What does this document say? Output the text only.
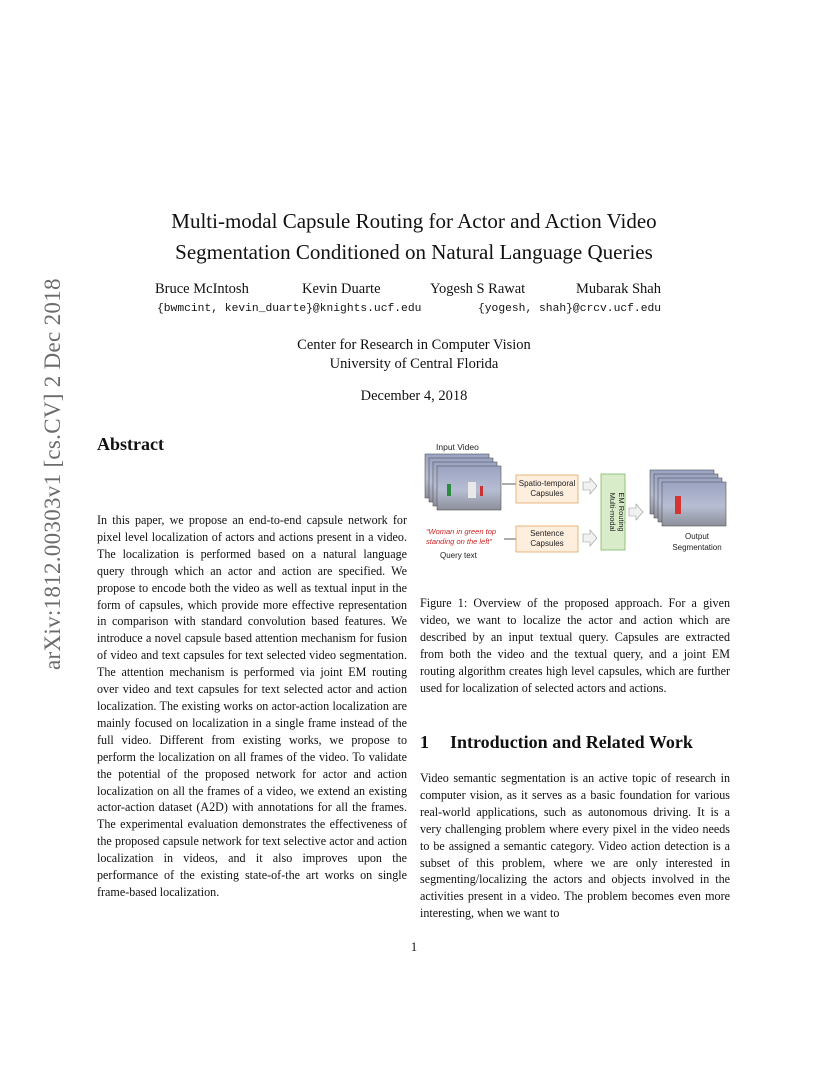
arXiv:1812.00303v1 [cs.CV] 2 Dec 2018
Multi-modal Capsule Routing for Actor and Action Video
Segmentation Conditioned on Natural Language Queries
Bruce McIntosh	Kevin Duarte	Yogesh S Rawat	Mubarak Shah
{bwmcint, kevin_duarte}@knights.ucf.edu	{yogesh, shah}@crcv.ucf.edu
Center for Research in Computer Vision
University of Central Florida
December 4, 2018
Abstract

In this paper, we propose an end-to-end capsule network for pixel level localization of actors and actions present in a video. The localization is performed based on a natural language query through which an actor and action are specified. We propose to encode both the video as well as textual input in the form of capsules, which provide more effective representation in comparison with standard convolution based features. We introduce a novel capsule based attention mechanism for fusion of video and text capsules for text selected video segmentation. The attention mechanism is performed via joint EM routing over video and text capsules for text selected actor and action localization. The existing works on actor-action localization are mainly focused on localization in a single frame instead of the full video. Different from existing works, we propose to perform the localization on all frames of the video. To validate the potential of the proposed network for actor and action localization on all the frames of a video, we extend an existing actor-action dataset (A2D) with annotations for all the frames. The experimental evaluation demonstrates the effectiveness of the proposed capsule network for text selective actor and action localization in videos, and it also improves upon the performance of the existing state-of-the art works on single frame-based localization.

Input Video
Spatio-temporal
Capsules	Multi-modal EM Routing
Output
Segmentation
“Woman in green top
standing on the left”
Query text
Sentence
Capsules

Figure 1: Overview of the proposed approach. For a given video, we want to localize the actor and action which are described by an input textual query. Capsules are extracted from both the video and the textual query, and a joint EM routing algorithm creates high level capsules, which are further used for localization of selected actors and actions.

1 Introduction and Related Work

Video semantic segmentation is an active topic of research in computer vision, as it serves as a basic foundation for various real-world applications, such as autonomous driving. It is a very challenging problem where every pixel in the video needs to be assigned a semantic category. Video action detection is a subset of this problem, where we are only interested in segmenting/localizing the actors and objects involved in the activities present in a video. The problem becomes even more interesting, when we want to

1
